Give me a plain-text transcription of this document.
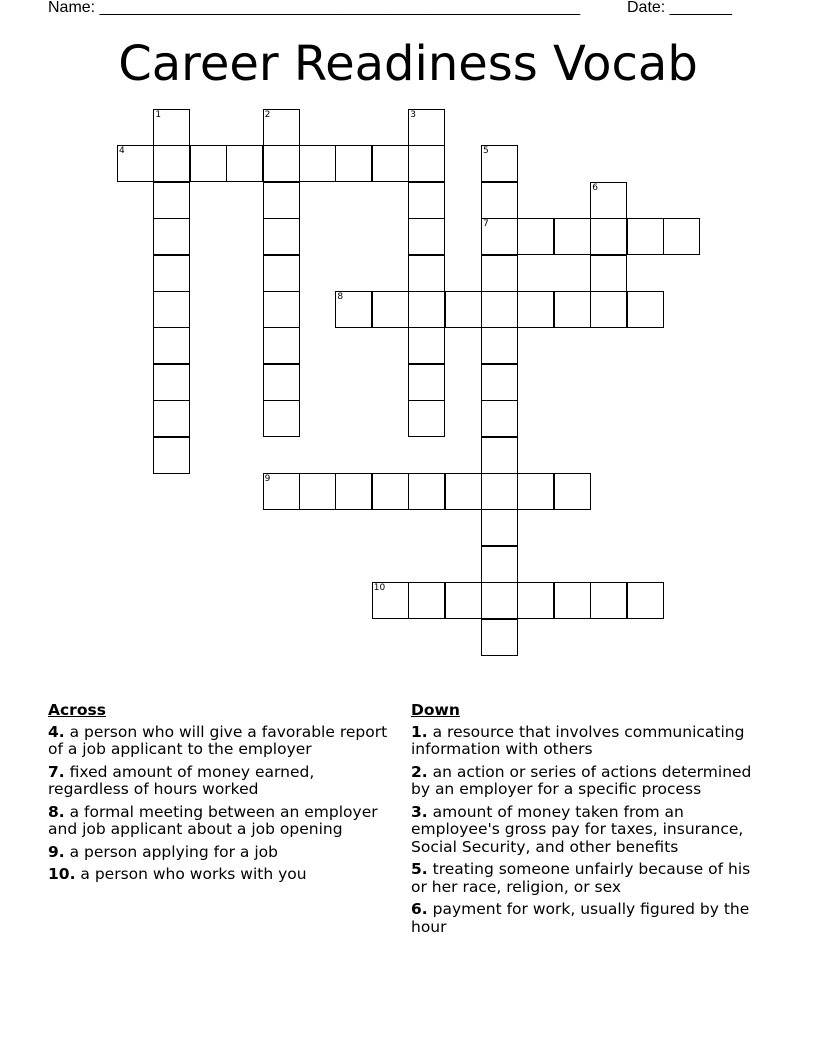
Name: ______________________________________________________	Date: _______
Career Readiness Vocab
4
7
8
9
10
1	2	3
5
6
Across
4. a person who will give a favorable report of a job applicant to the employer
7. fixed amount of money earned, regardless of hours worked
8. a formal meeting between an employer and job applicant about a job opening
9. a person applying for a job
10. a person who works with you
Down
1. a resource that involves communicating information with others
2. an action or series of actions determined by an employer for a specific process
3. amount of money taken from an employee's gross pay for taxes, insurance, Social Security, and other benefits
5. treating someone unfairly because of his or her race, religion, or sex
6. payment for work, usually figured by the hour
